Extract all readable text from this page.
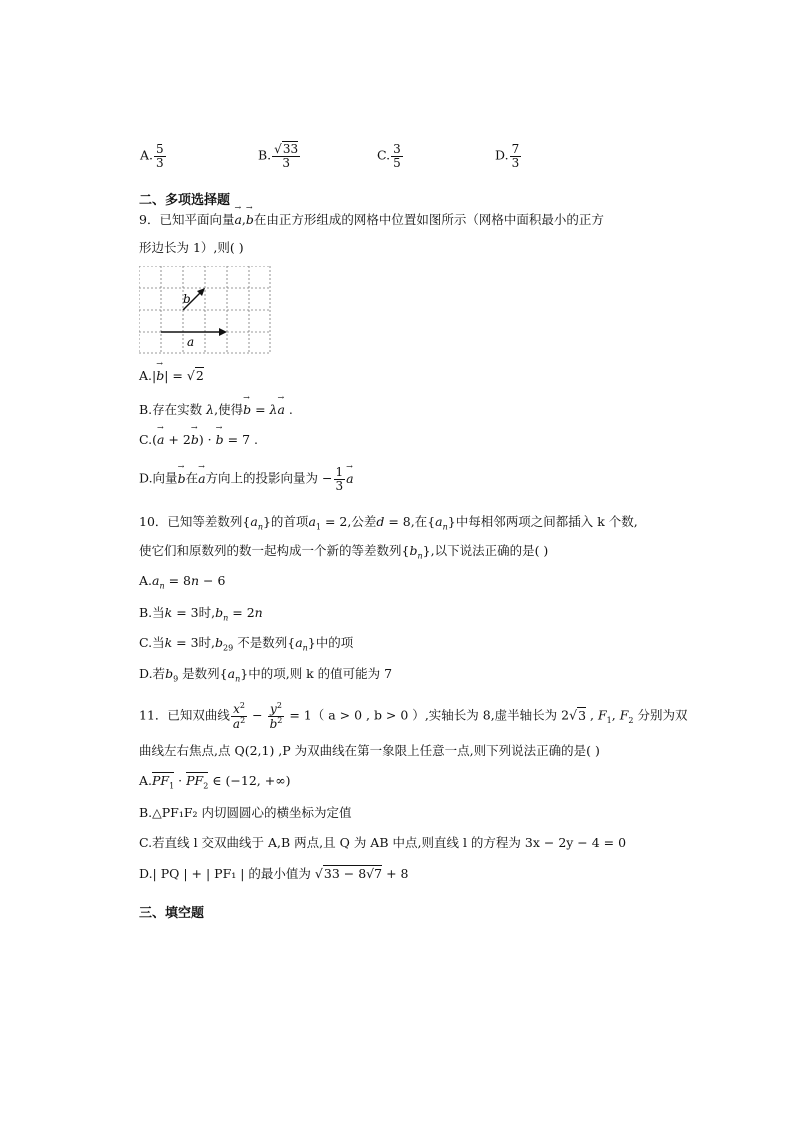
A. $\frac{5}{3}$	B. $\frac{√33}{3}$	C. $\frac{3}{5}$	D. $\frac{7}{3}$
二、多项选择题
9．已知平面向量→ a,→ b在由正方形组成的网格中位置如图所示（网格中面积最小的正方
形边长为 1）,则( )
b
a
A.|→ b| = √2
B.存在实数 λ,使得→ b = λ→ a .
C.(→ a + 2→ b) · → b = 7 .
D.向量→ b在→ a方向上的投影向量为 − $\frac{1}{3}$
→ a
10．已知等差数列$\{a_n\}$的首项$a_1 = 2$,公差d = 8,在$\{a_n\}$中每相邻两项之间都插入 k 个数,
使它们和原数列的数一起构成一个新的等差数列$\{b_n\}$,以下说法正确的是( )
$A.a_n = 8n - 6$
B.当k = 3时$,b_n = 2n$
C.当k = 3时$,b_{29}$ 不是数列$\{a_n\}$中的项
D.若$b_9$ 是数列$\{a_n\}$中的项,则 k 的值可能为 7
11．已知双曲线 $\frac{x^2}{a^2} - \frac{y^2}{b^2} = 1$（ a > 0 , b > 0 ）,实轴长为 8,虚半轴长为 2√3 , $F_1$, $F_2$ 分别为双
曲线左右焦点,点 Q(2,1) ,P 为双曲线在第一象限上任意一点,则下列说法正确的是( )
$A.PF_1 \cdot PF_2$ ∈ (−12, +∞)
B.△PF₁F₂ 内切圆圆心的横坐标为定值
C.若直线 l 交双曲线于 A,B 两点,且 Q 为 AB 中点,则直线 l 的方程为 3x − 2y − 4 = 0
D.| PQ | + | PF₁ | 的最小值为 √33 − 8√7 + 8
三、填空题
